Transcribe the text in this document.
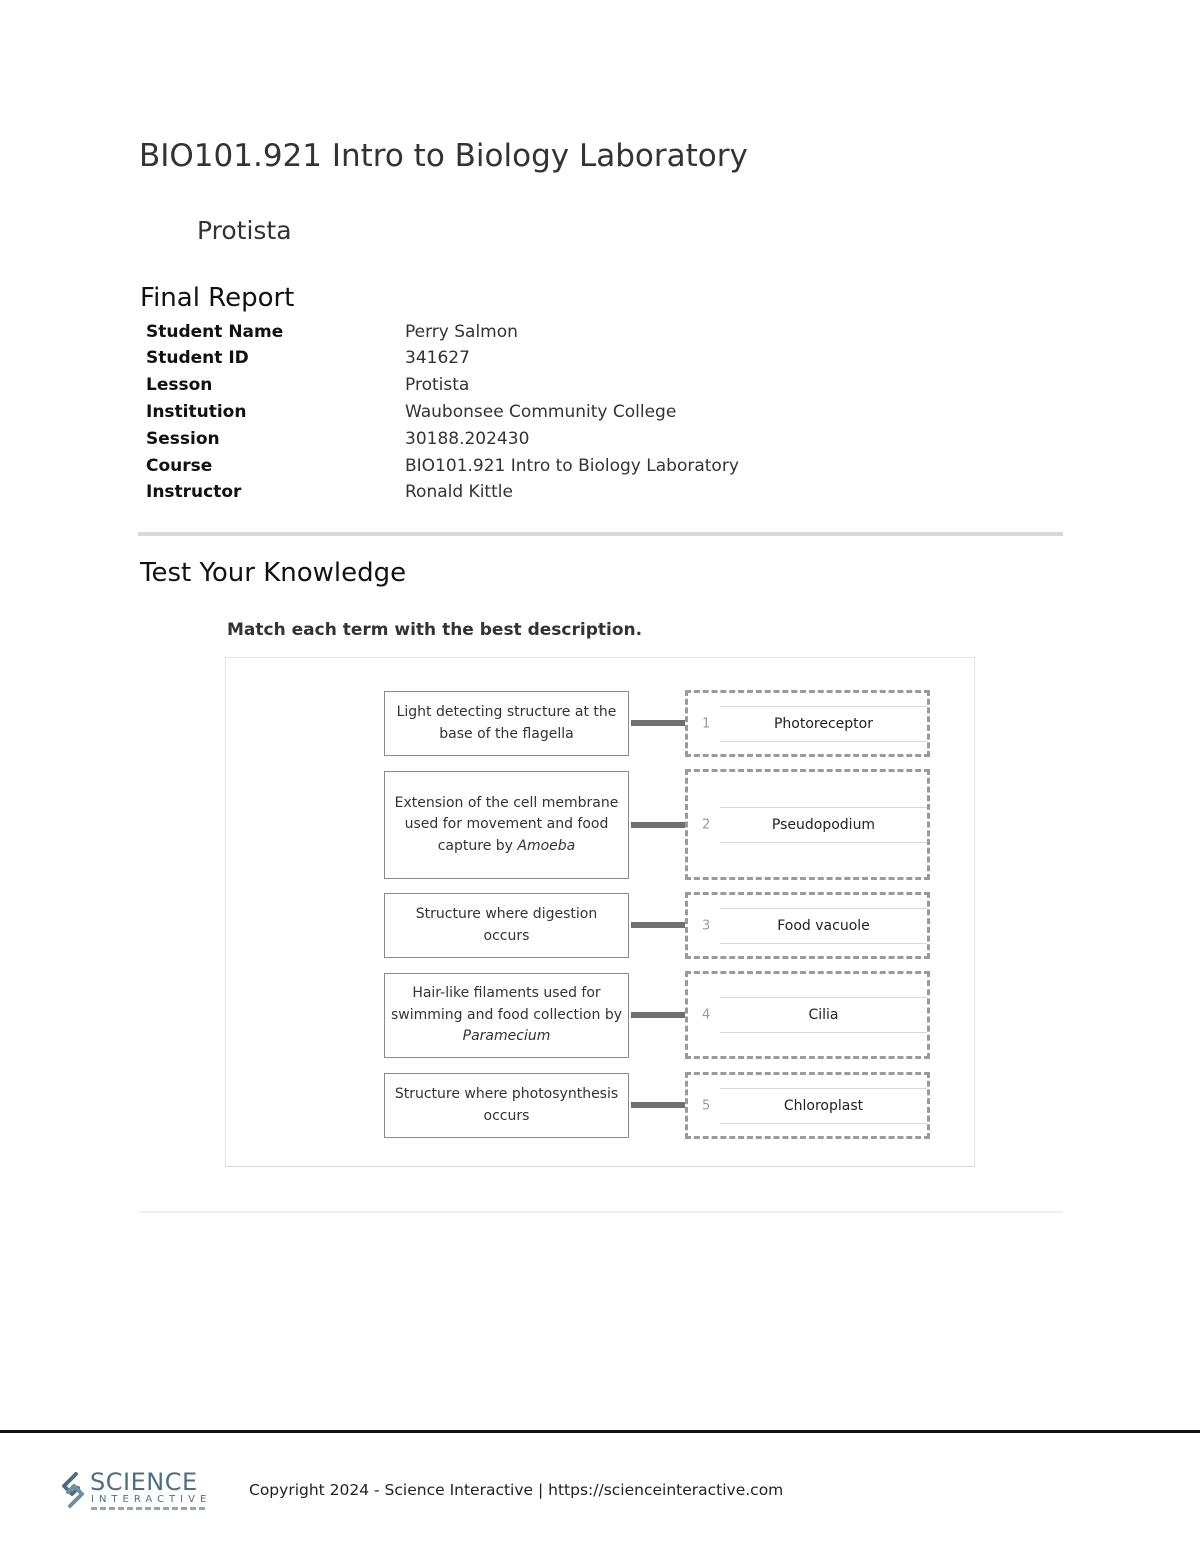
BIO101.921 Intro to Biology Laboratory
Protista
Final Report
Student Name	Perry Salmon
Student ID	341627
Lesson	Protista
Institution	Waubonsee Community College
Session	30188.202430
Course	BIO101.921 Intro to Biology Laboratory
Instructor	Ronald Kittle
Test Your Knowledge
Match each term with the best description.
Light detecting structure at the base of the flagella
1	Photoreceptor
Extension of the cell membrane used for movement and food capture by Amoeba
2	Pseudopodium
Structure where digestion occurs
3	Food vacuole
Hair-like filaments used for swimming and food collection by Paramecium
4	Cilia
Structure where photosynthesis occurs
5	Chloroplast
SCIENCE
INTERACTIVE
Copyright 2024 - Science Interactive | https://scienceinteractive.com
